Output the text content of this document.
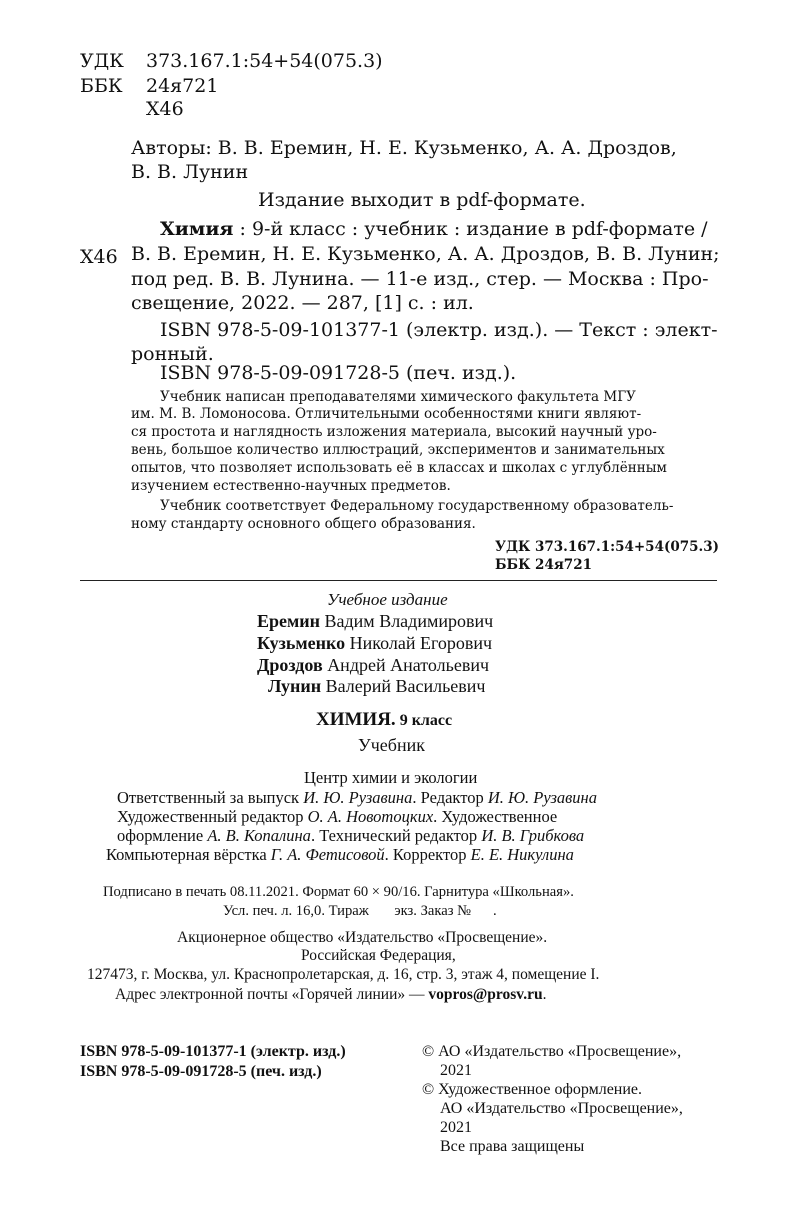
УДК 373.167.1:54+54(075.3)
ББК 24я721
Х46
Авторы: В. В. Еремин, Н. Е. Кузьменко, А. А. Дроздов,
В. В. Лунин
Издание выходит в pdf-формате.
Х46
Химия : 9-й класс : учебник : издание в pdf-формате /
В. В. Еремин, Н. Е. Кузьменко, А. А. Дроздов, В. В. Лунин;
под ред. В. В. Лунина. — 11-е изд., стер. — Москва : Про-
свещение, 2022. — 287, [1] с. : ил.
ISBN 978-5-09-101377-1 (электр. изд.). — Текст : элект-
ронный.
ISBN 978-5-09-091728-5 (печ. изд.).
Учебник написан преподавателями химического факультета МГУ
им. М. В. Ломоносова. Отличительными особенностями книги являют-
ся простота и наглядность изложения материала, высокий научный уро-
вень, большое количество иллюстраций, экспериментов и занимательных
опытов, что позволяет использовать её в классах и школах с углублённым
изучением естественно-научных предметов.
Учебник соответствует Федеральному государственному образователь-
ному стандарту основного общего образования.
УДК 373.167.1:54+54(075.3)
ББК 24я721
Учебное издание
Еремин Вадим Владимирович
Кузьменко Николай Егорович
Дроздов Андрей Анатольевич
Лунин Валерий Васильевич
ХИМИЯ. 9 класс
Учебник
Центр химии и экологии
Ответственный за выпуск И. Ю. Рузавина. Редактор И. Ю. Рузавина
Художественный редактор О. А. Новотоцких. Художественное
оформление А. В. Копалина. Технический редактор И. В. Грибкова
Компьютерная вёрстка Г. А. Фетисовой. Корректор Е. Е. Никулина
Подписано в печать 08.11.2021. Формат 60 × 90/16. Гарнитура «Школьная».
Усл. печ. л. 16,0. Тираж       экз. Заказ №      .
Акционерное общество «Издательство «Просвещение».
Российская Федерация,
127473, г. Москва, ул. Краснопролетарская, д. 16, стр. 3, этаж 4, помещение I.
Адрес электронной почты «Горячей линии» — vopros@prosv.ru.
ISBN 978-5-09-101377-1 (электр. изд.)
ISBN 978-5-09-091728-5 (печ. изд.)
© АО «Издательство «Просвещение»,
2021
© Художественное оформление.
АО «Издательство «Просвещение»,
2021
Все права защищены
